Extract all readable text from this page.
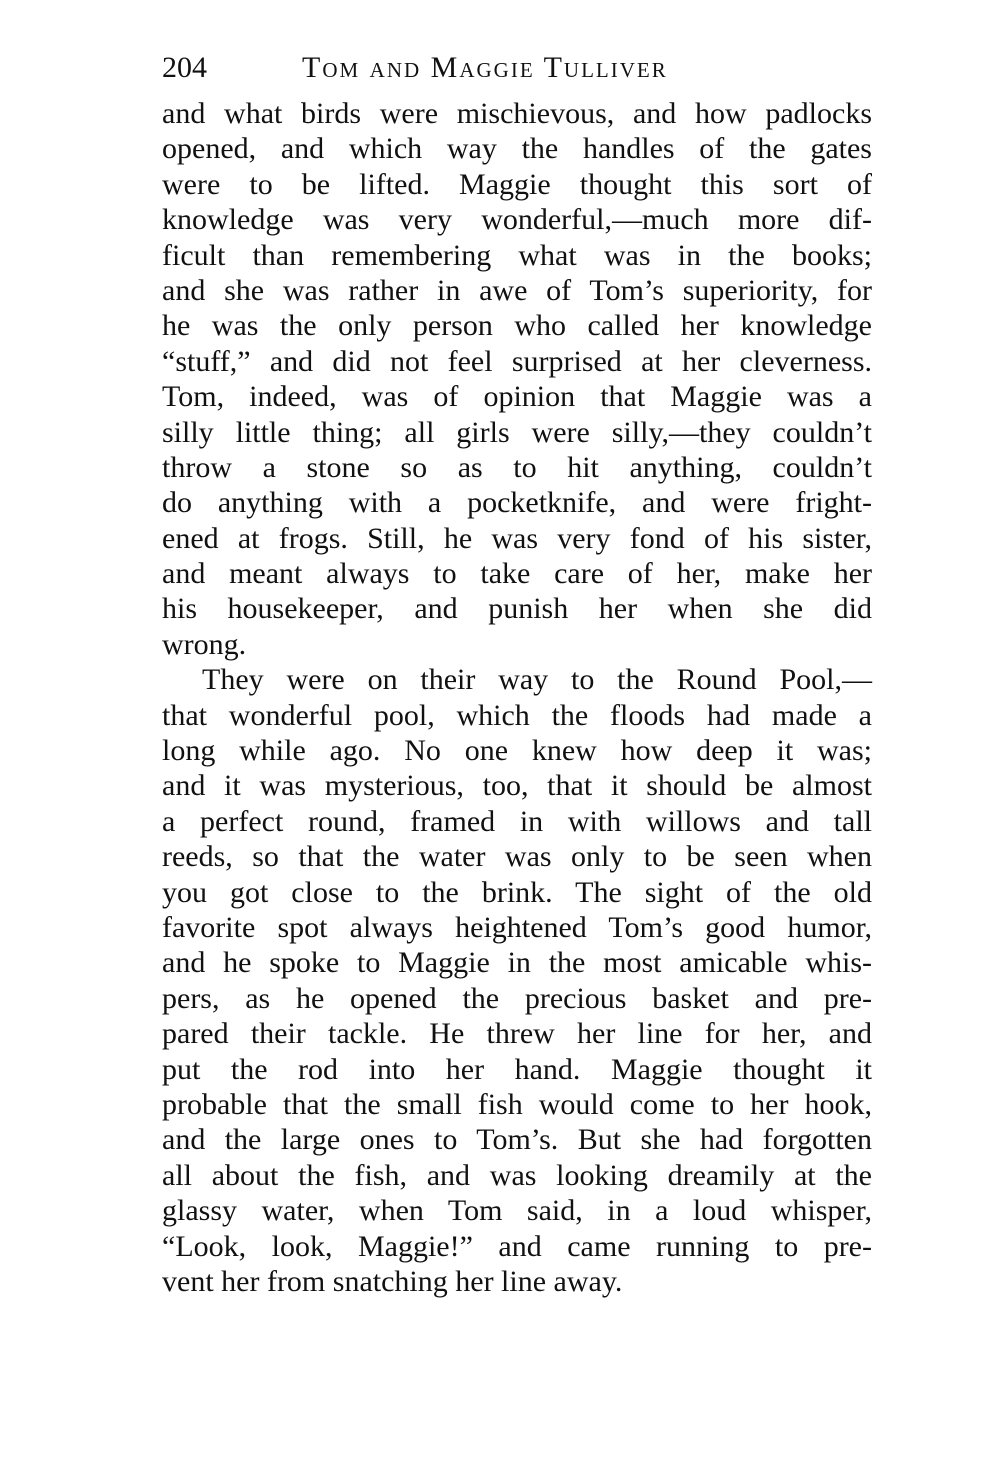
204	Tom and Maggie Tulliver
and what birds were mischievous, and how padlocks
opened, and which way the handles of the gates
were to be lifted. Maggie thought this sort of
knowledge was very wonderful,—much more dif-
ficult than remembering what was in the books;
and she was rather in awe of Tom’s superiority, for
he was the only person who called her knowledge
“stuff,” and did not feel surprised at her cleverness.
Tom, indeed, was of opinion that Maggie was a
silly little thing; all girls were silly,—they couldn’t
throw a stone so as to hit anything, couldn’t
do anything with a pocketknife, and were fright-
ened at frogs. Still, he was very fond of his sister,
and meant always to take care of her, make her
his housekeeper, and punish her when she did
wrong.
They were on their way to the Round Pool,—
that wonderful pool, which the floods had made a
long while ago. No one knew how deep it was;
and it was mysterious, too, that it should be almost
a perfect round, framed in with willows and tall
reeds, so that the water was only to be seen when
you got close to the brink. The sight of the old
favorite spot always heightened Tom’s good humor,
and he spoke to Maggie in the most amicable whis-
pers, as he opened the precious basket and pre-
pared their tackle. He threw her line for her, and
put the rod into her hand. Maggie thought it
probable that the small fish would come to her hook,
and the large ones to Tom’s. But she had forgotten
all about the fish, and was looking dreamily at the
glassy water, when Tom said, in a loud whisper,
“Look, look, Maggie!” and came running to pre-
vent her from snatching her line away.
